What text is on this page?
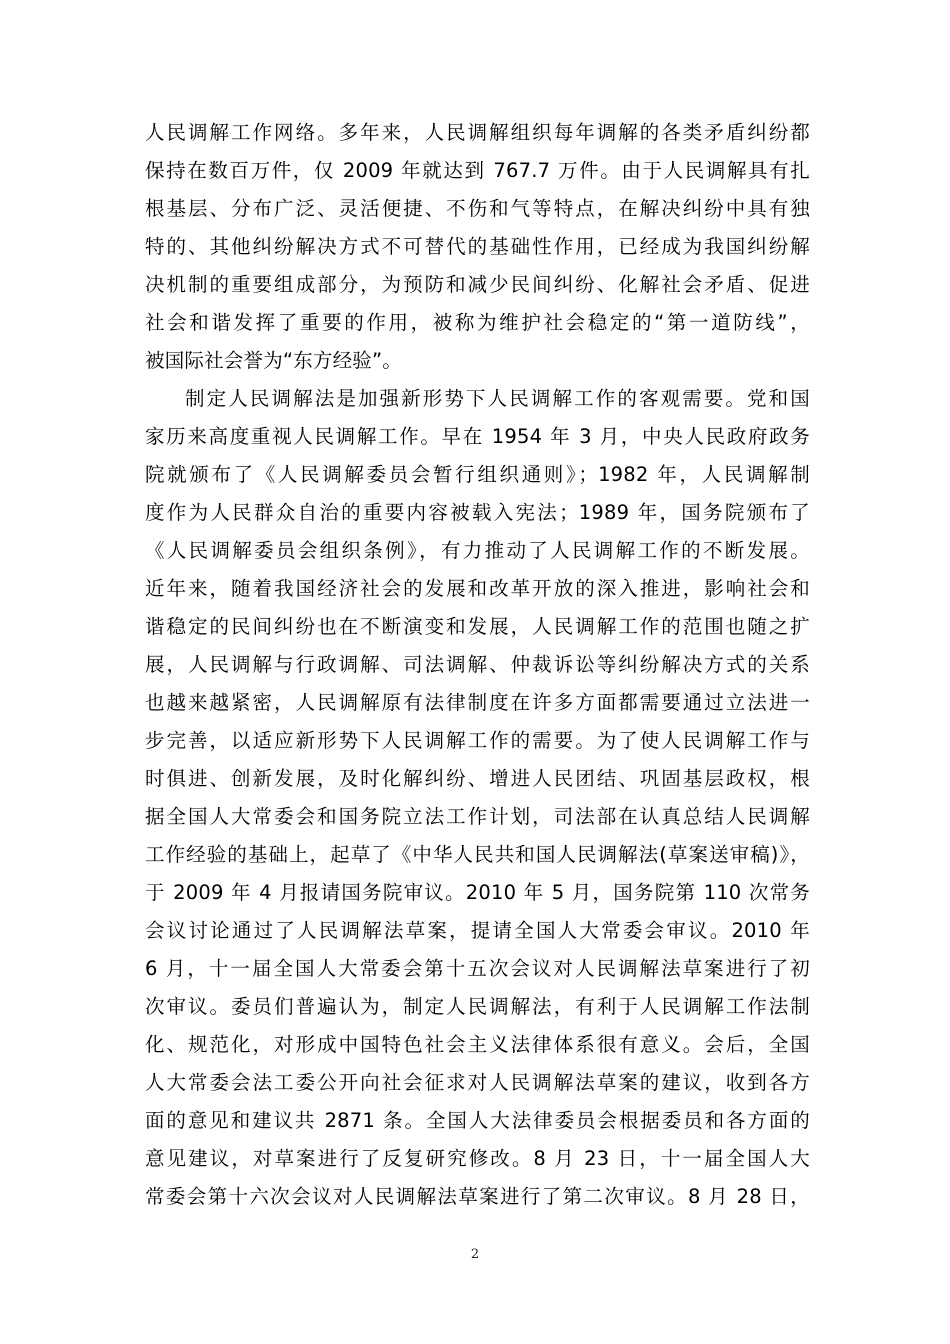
人民调解工作网络。多年来，人民调解组织每年调解的各类矛盾纠纷都
保持在数百万件，仅 2009 年就达到 767.7 万件。由于人民调解具有扎
根基层、分布广泛、灵活便捷、不伤和气等特点，在解决纠纷中具有独
特的、其他纠纷解决方式不可替代的基础性作用，已经成为我国纠纷解
决机制的重要组成部分，为预防和减少民间纠纷、化解社会矛盾、促进
社会和谐发挥了重要的作用，被称为维护社会稳定的“第一道防线”，
被国际社会誉为“东方经验”。
制定人民调解法是加强新形势下人民调解工作的客观需要。党和国
家历来高度重视人民调解工作。早在 1954 年 3 月，中央人民政府政务
院就颁布了《人民调解委员会暂行组织通则》；1982 年，人民调解制
度作为人民群众自治的重要内容被载入宪法；1989 年，国务院颁布了
《人民调解委员会组织条例》，有力推动了人民调解工作的不断发展。
近年来，随着我国经济社会的发展和改革开放的深入推进，影响社会和
谐稳定的民间纠纷也在不断演变和发展，人民调解工作的范围也随之扩
展，人民调解与行政调解、司法调解、仲裁诉讼等纠纷解决方式的关系
也越来越紧密，人民调解原有法律制度在许多方面都需要通过立法进一
步完善，以适应新形势下人民调解工作的需要。为了使人民调解工作与
时俱进、创新发展，及时化解纠纷、增进人民团结、巩固基层政权，根
据全国人大常委会和国务院立法工作计划，司法部在认真总结人民调解
工作经验的基础上，起草了《中华人民共和国人民调解法(草案送审稿)》，
于 2009 年 4 月报请国务院审议。2010 年 5 月，国务院第 110 次常务
会议讨论通过了人民调解法草案，提请全国人大常委会审议。2010 年
6 月，十一届全国人大常委会第十五次会议对人民调解法草案进行了初
次审议。委员们普遍认为，制定人民调解法，有利于人民调解工作法制
化、规范化，对形成中国特色社会主义法律体系很有意义。会后，全国
人大常委会法工委公开向社会征求对人民调解法草案的建议，收到各方
面的意见和建议共 2871 条。全国人大法律委员会根据委员和各方面的
意见建议，对草案进行了反复研究修改。8 月 23 日，十一届全国人大
常委会第十六次会议对人民调解法草案进行了第二次审议。8 月 28 日，
2
